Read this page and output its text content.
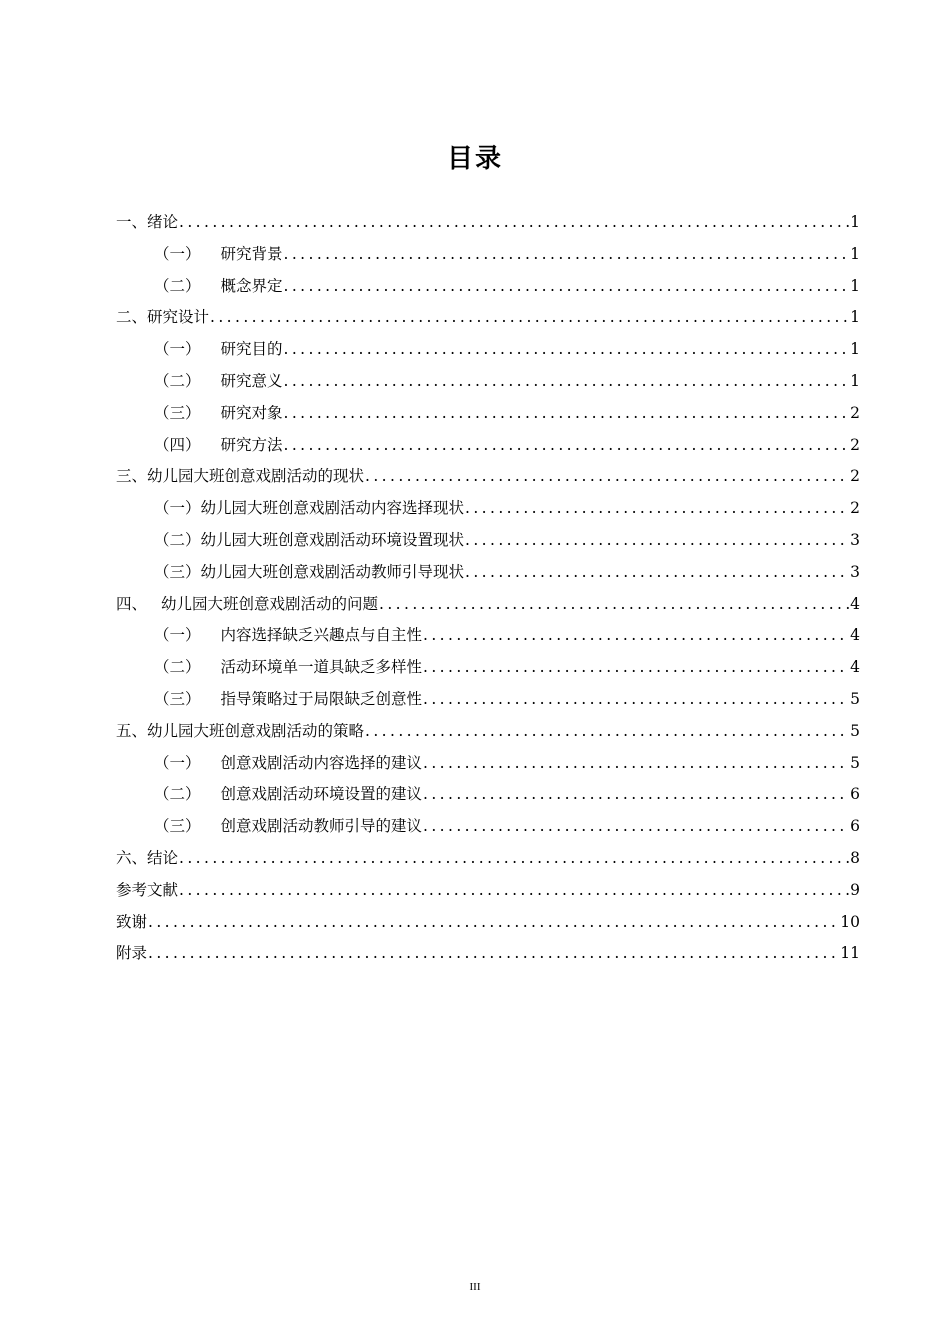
目录
一、绪论 .....	1
（一） 研究背景 .....	1
（二） 概念界定 .....	1
二、研究设计 .....	1
（一） 研究目的 .....	1
（二） 研究意义 .....	1
（三） 研究对象 .....	2
（四） 研究方法 .....	2
三、幼儿园大班创意戏剧活动的现状 .....	2
（一）幼儿园大班创意戏剧活动内容选择现状 .....	2
（二）幼儿园大班创意戏剧活动环境设置现状 .....	3
（三）幼儿园大班创意戏剧活动教师引导现状 .....	3
四、 幼儿园大班创意戏剧活动的问题 .....	4
（一） 内容选择缺乏兴趣点与自主性 .....	4
（二） 活动环境单一道具缺乏多样性 .....	4
（三） 指导策略过于局限缺乏创意性 .....	5
五、幼儿园大班创意戏剧活动的策略 .....	5
（一） 创意戏剧活动内容选择的建议 .....	5
（二） 创意戏剧活动环境设置的建议 .....	6
（三） 创意戏剧活动教师引导的建议 .....	6
六、结论 .....	8
参考文献 .....	9
致谢 .....	10
附录 .....	11
III
